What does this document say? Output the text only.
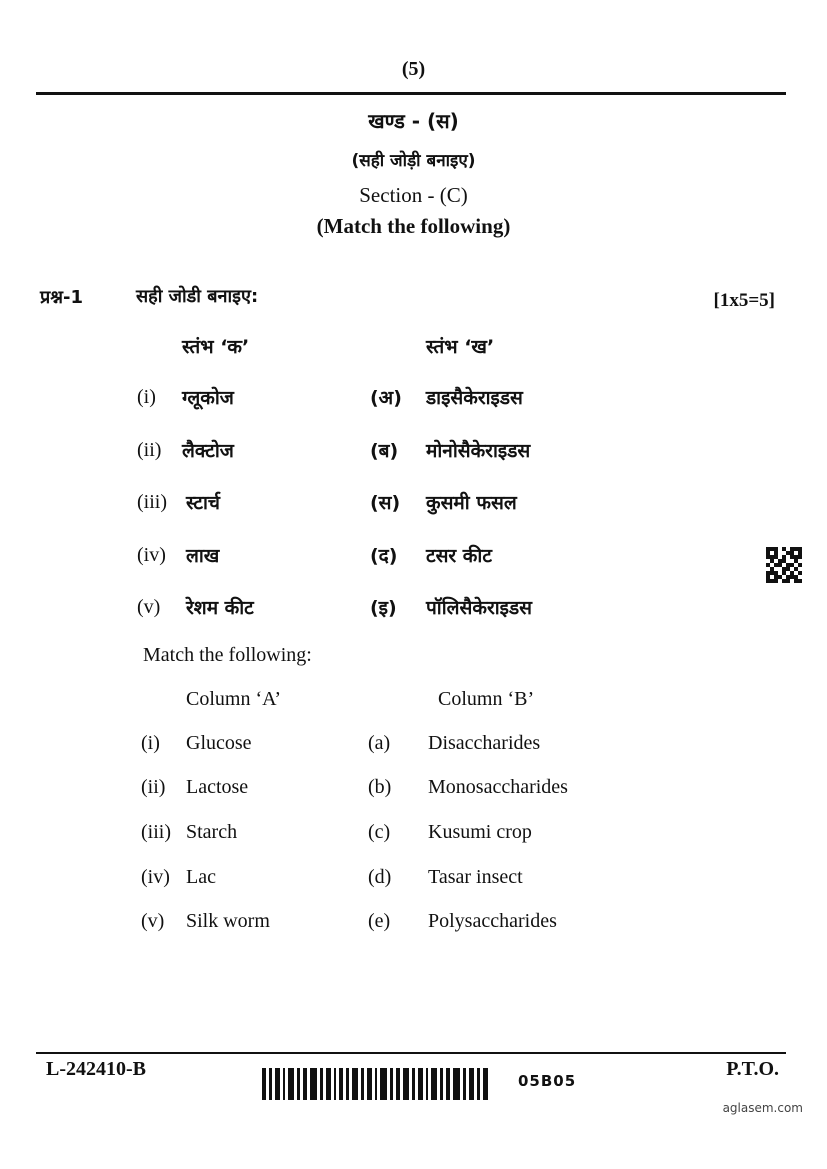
(5)
खण्ड - (स)
(सही जोड़ी बनाइए)
Section - (C)
(Match the following)
प्रश्न-1	सही जोडी बनाइए:	[1x5=5]
स्तंभ ‘क’	स्तंभ ‘ख’
(i) ग्लूकोज	(अ) डाइसैकेराइडस
(ii) लैक्टोज	(ब) मोनोसैकेराइडस
(iii) स्टार्च	(स) कुसमी फसल
(iv) लाख	(द) टसर कीट
(v) रेशम कीट	(इ) पॉलिसैकेराइडस
Match the following:
Column ‘A’	Column ‘B’
(i) Glucose	(a) Disaccharides
(ii) Lactose	(b) Monosaccharides
(iii) Starch	(c) Kusumi crop
(iv) Lac	(d) Tasar insect
(v) Silk worm	(e) Polysaccharides
L-242410-B
05B05
P.T.O.
aglasem.com
